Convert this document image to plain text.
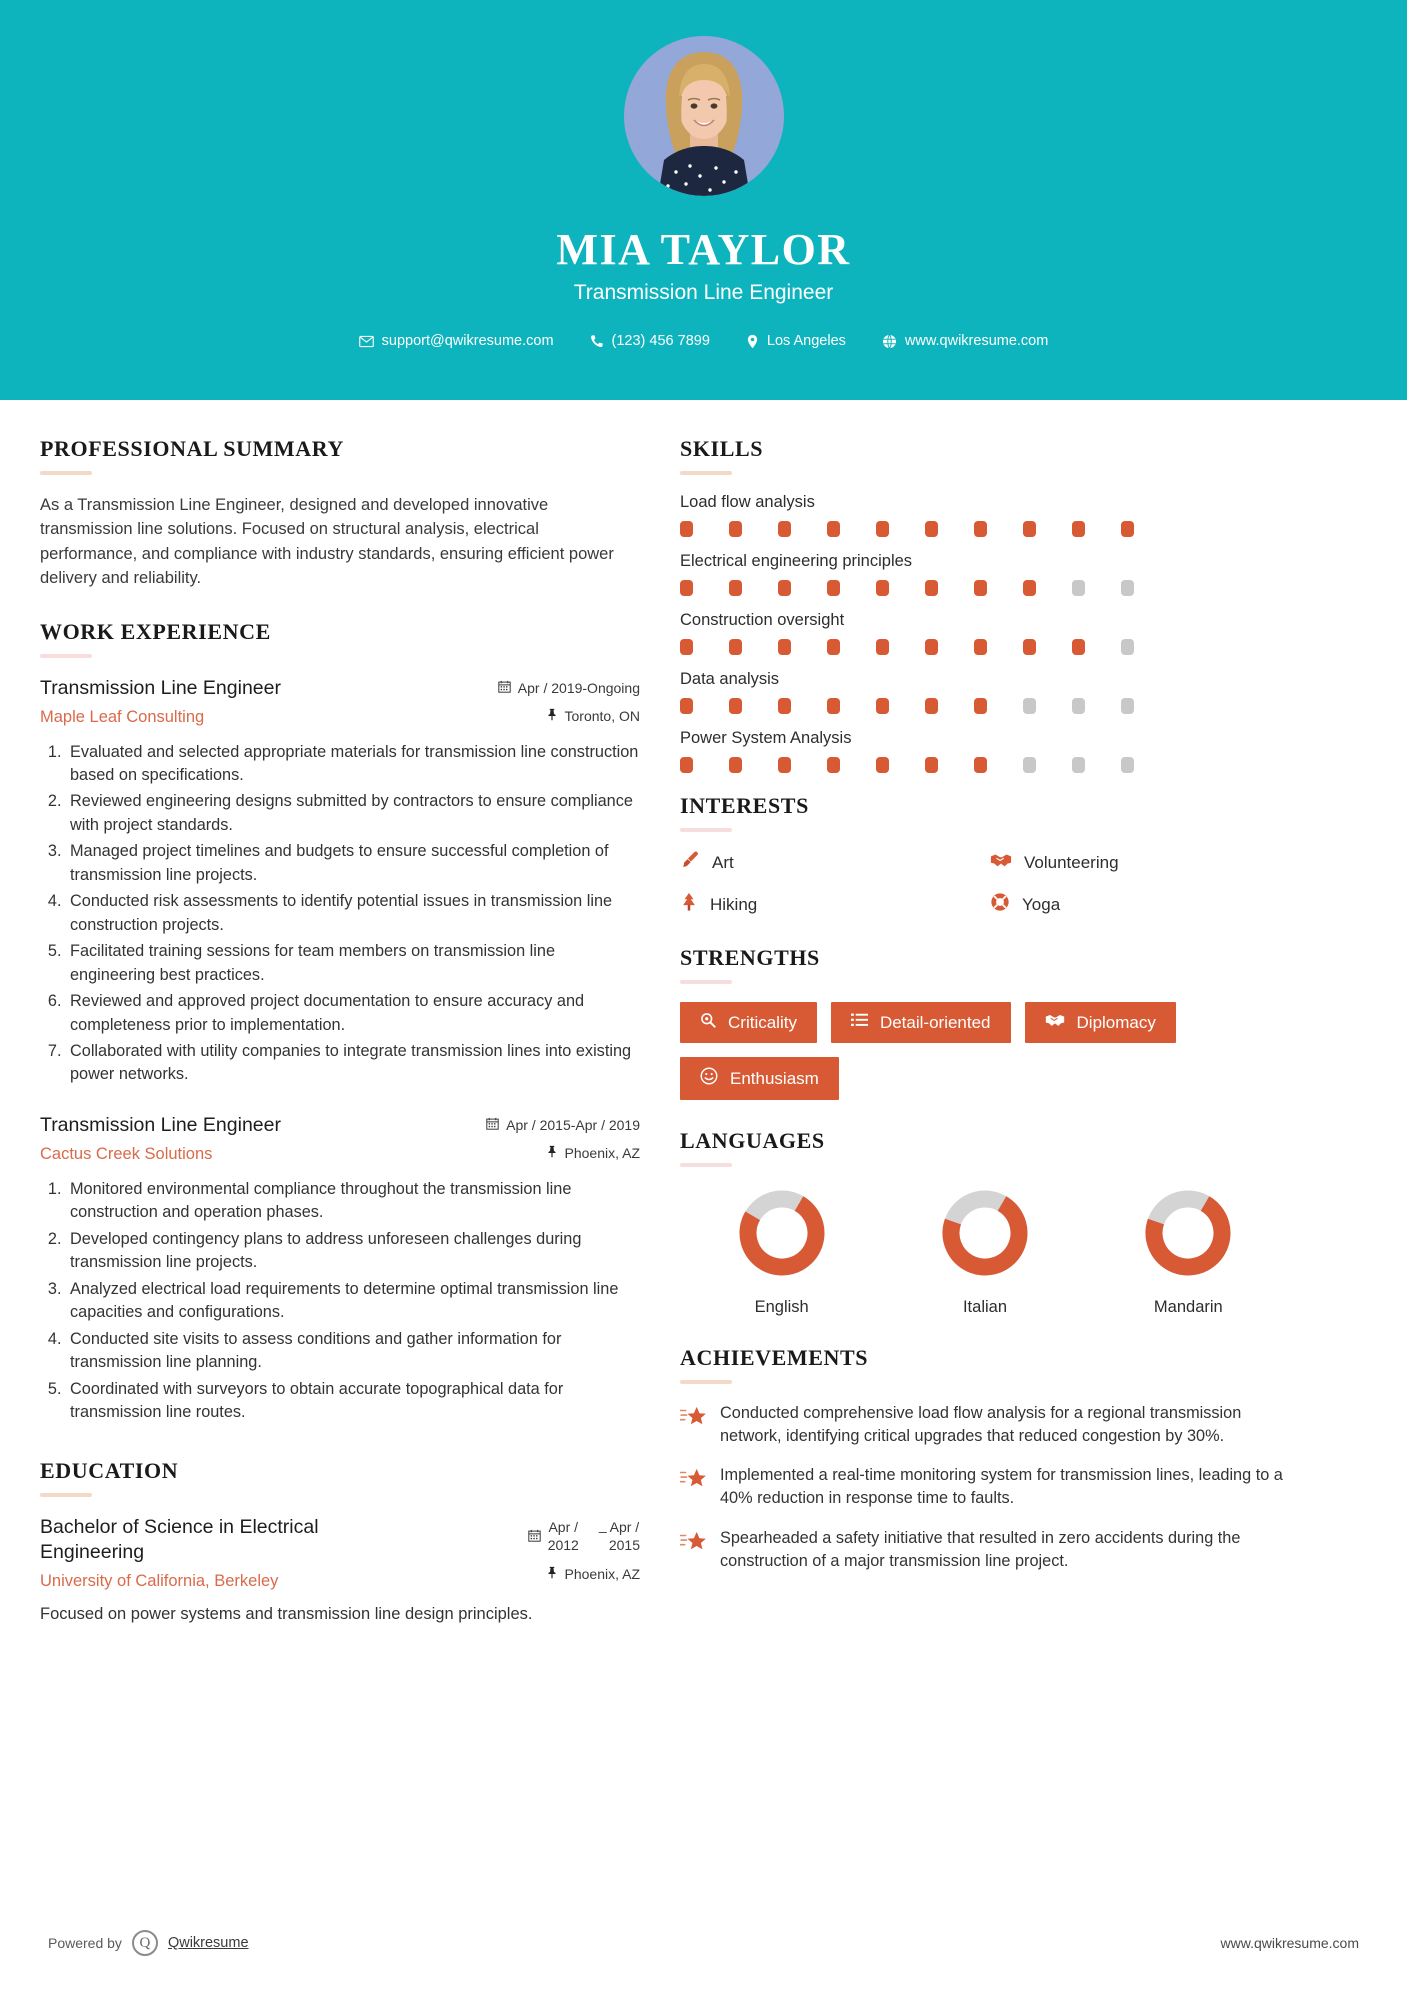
MIA TAYLOR
Transmission Line Engineer
support@qwikresume.com	(123) 456 7899	Los Angeles	www.qwikresume.com
PROFESSIONAL SUMMARY
As a Transmission Line Engineer, designed and developed innovative transmission line solutions. Focused on structural analysis, electrical performance, and compliance with industry standards, ensuring efficient power delivery and reliability.
WORK EXPERIENCE
Transmission Line Engineer
Maple Leaf Consulting
Apr / 2019-Ongoing
Toronto, ON
1. Evaluated and selected appropriate materials for transmission line construction based on specifications.
2. Reviewed engineering designs submitted by contractors to ensure compliance with project standards.
3. Managed project timelines and budgets to ensure successful completion of transmission line projects.
4. Conducted risk assessments to identify potential issues in transmission line construction projects.
5. Facilitated training sessions for team members on transmission line engineering best practices.
6. Reviewed and approved project documentation to ensure accuracy and completeness prior to implementation.
7. Collaborated with utility companies to integrate transmission lines into existing power networks.
Transmission Line Engineer
Cactus Creek Solutions
Apr / 2015-Apr / 2019
Phoenix, AZ
1. Monitored environmental compliance throughout the transmission line construction and operation phases.
2. Developed contingency plans to address unforeseen challenges during transmission line projects.
3. Analyzed electrical load requirements to determine optimal transmission line capacities and configurations.
4. Conducted site visits to assess conditions and gather information for transmission line planning.
5. Coordinated with surveyors to obtain accurate topographical data for transmission line routes.
EDUCATION
Bachelor of Science in Electrical Engineering
University of California, Berkeley
Apr /
2012
_ Apr /
2015
Phoenix, AZ
Focused on power systems and transmission line design principles.
SKILLS
Load flow analysis
Electrical engineering principles
Construction oversight
Data analysis
Power System Analysis
INTERESTS
Art	Volunteering
Hiking	Yoga
STRENGTHS
Criticality	Detail-oriented	Diplomacy
Enthusiasm
LANGUAGES
English	Italian	Mandarin
ACHIEVEMENTS
Conducted comprehensive load flow analysis for a regional transmission network, identifying critical upgrades that reduced congestion by 30%.
Implemented a real-time monitoring system for transmission lines, leading to a 40% reduction in response time to faults.
Spearheaded a safety initiative that resulted in zero accidents during the construction of a major transmission line project.
Powered by	Q	Qwikresume	www.qwikresume.com
